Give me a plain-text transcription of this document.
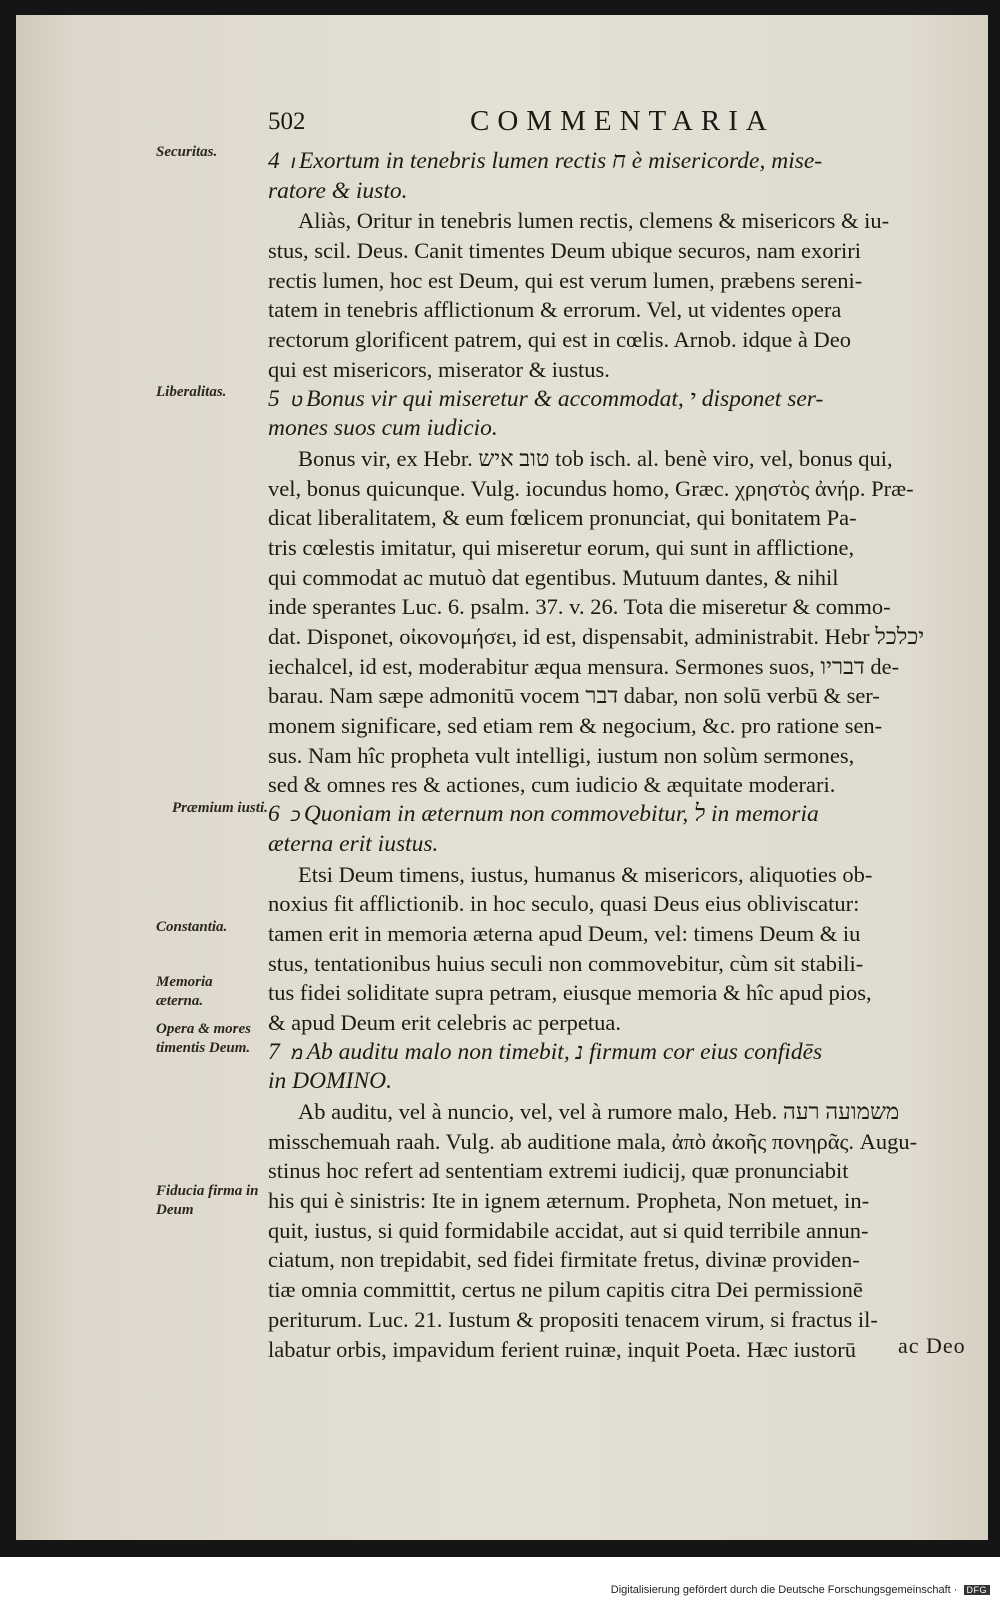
502	COMMENTARIA
Securitas.
Liberalitas.
Præmium iusti.
Constantia.
Memoria æterna.
Opera & mores timentis Deum.
Fiducia firma in Deum
4 ו Exortum in tenebris lumen rectis ח è misericorde, mise-
ratore & iusto.
Aliàs, Oritur in tenebris lumen rectis, clemens & misericors & iu-
stus, scil. Deus. Canit timentes Deum ubique securos, nam exoriri
rectis lumen, hoc est Deum, qui est verum lumen, præbens sereni-
tatem in tenebris afflictionum & errorum. Vel, ut videntes opera
rectorum glorificent patrem, qui est in cœlis. Arnob. idque à Deo
qui est misericors, miserator & iustus.
5 ט Bonus vir qui miseretur & accommodat, י disponet ser-
mones suos cum iudicio.
Bonus vir, ex Hebr. טוב איש tob isch. al. benè viro, vel, bonus qui,
vel, bonus quicunque. Vulg. iocundus homo, Græc. χρηστὸς ἀνήρ. Præ-
dicat liberalitatem, & eum fœlicem pronunciat, qui bonitatem Pa-
tris cœlestis imitatur, qui miseretur eorum, qui sunt in afflictione,
qui commodat ac mutuò dat egentibus. Mutuum dantes, & nihil
inde sperantes Luc. 6. psalm. 37. v. 26. Tota die miseretur & commo-
dat. Disponet, οἰκονομήσει, id est, dispensabit, administrabit. Hebr יכלכל
iechalcel, id est, moderabitur æqua mensura. Sermones suos, דבריו de-
barau. Nam sæpe admonitū vocem דבר dabar, non solū verbū & ser-
monem significare, sed etiam rem & negocium, &c. pro ratione sen-
sus. Nam hîc propheta vult intelligi, iustum non solùm sermones,
sed & omnes res & actiones, cum iudicio & æquitate moderari.
6 כ Quoniam in æternum non commovebitur, ל in memoria
æterna erit iustus.
Etsi Deum timens, iustus, humanus & misericors, aliquoties ob-
noxius fit afflictionib. in hoc seculo, quasi Deus eius obliviscatur:
tamen erit in memoria æterna apud Deum, vel: timens Deum & iu
stus, tentationibus huius seculi non commovebitur, cùm sit stabili-
tus fidei soliditate supra petram, eiusque memoria & hîc apud pios,
& apud Deum erit celebris ac perpetua.
7 מ Ab auditu malo non timebit, נ firmum cor eius confidēs
in DOMINO.
Ab auditu, vel à nuncio, vel, vel à rumore malo, Heb. משמועה רעה
misschemuah raah. Vulg. ab auditione mala, ἀπὸ ἀκοῆς πονηρᾶς. Augu-
stinus hoc refert ad sententiam extremi iudicij, quæ pronunciabit
his qui è sinistris: Ite in ignem æternum. Propheta, Non metuet, in-
quit, iustus, si quid formidabile accidat, aut si quid terribile annun-
ciatum, non trepidabit, sed fidei firmitate fretus, divinæ providen-
tiæ omnia committit, certus ne pilum capitis citra Dei permissionē
periturum. Luc. 21. Iustum & propositi tenacem virum, si fractus il-
labatur orbis, impavidum ferient ruinæ, inquit Poeta. Hæc iustorū	ac Deo
Digitalisierung gefördert durch die Deutsche Forschungsgemeinschaft · DFG
